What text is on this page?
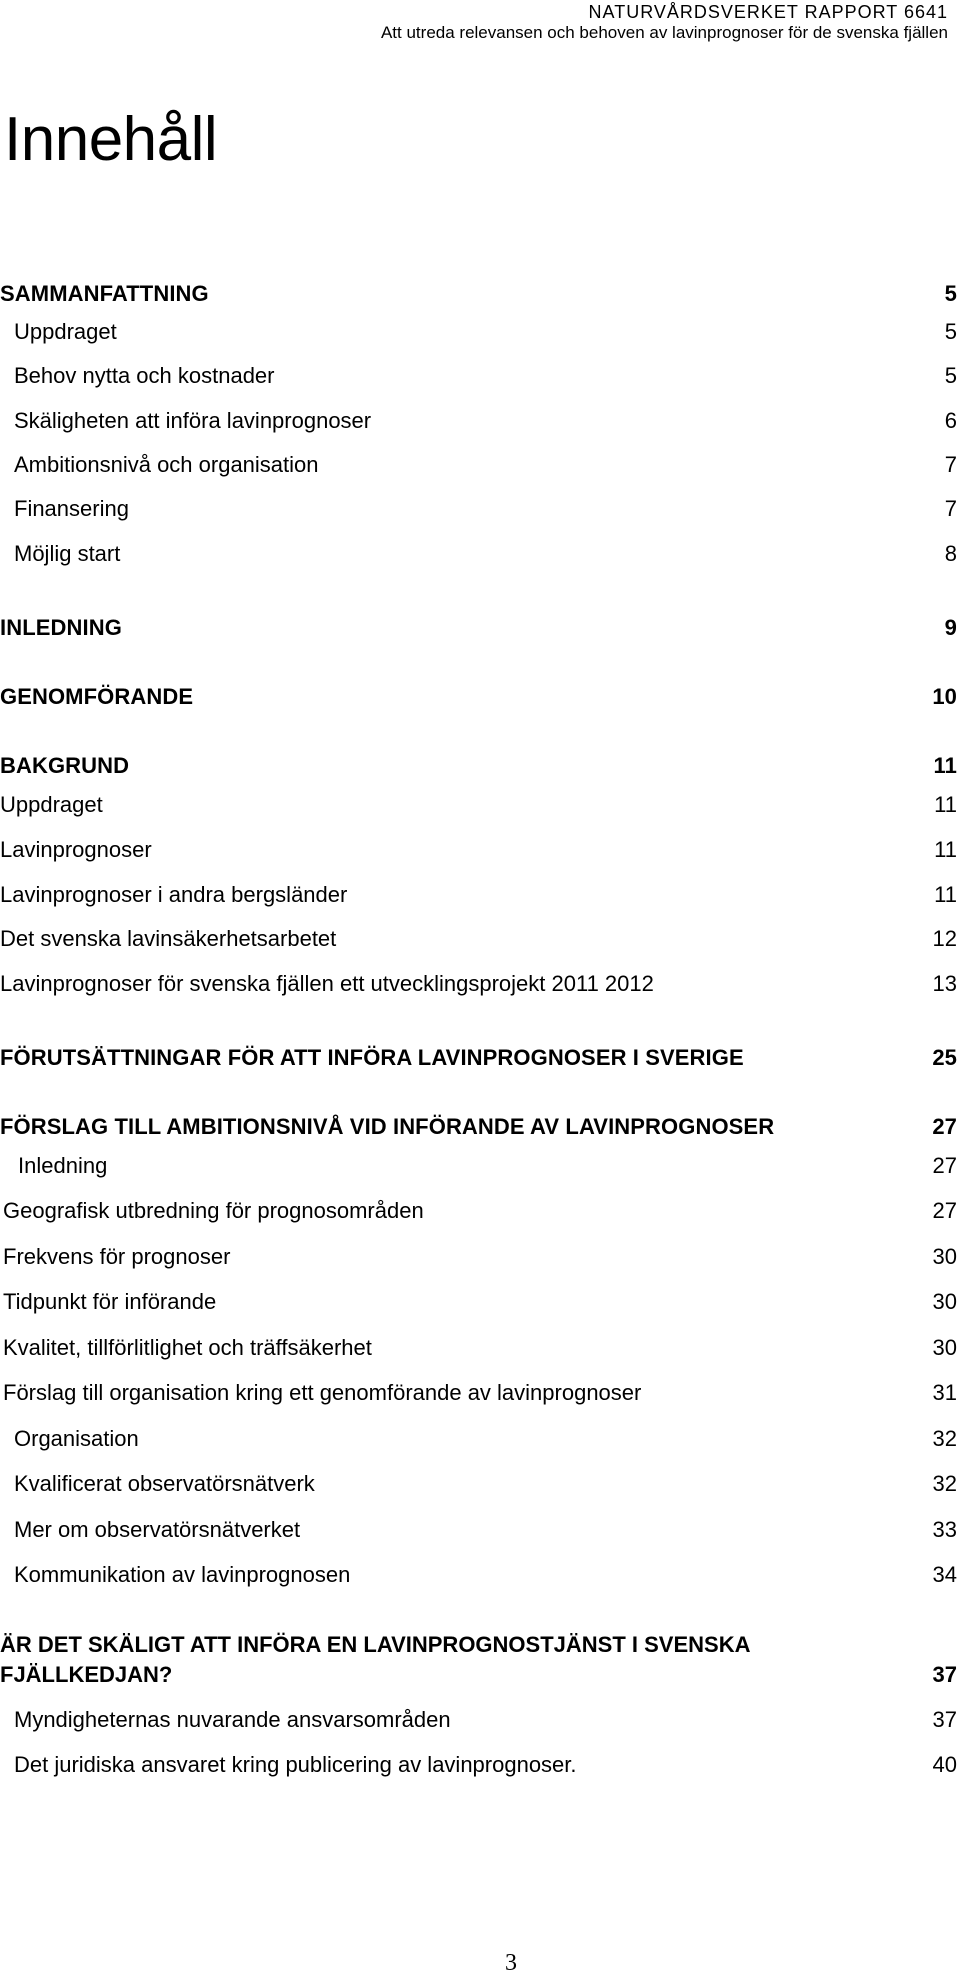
NATURVÅRDSVERKET RAPPORT 6641
Att utreda relevansen och behoven av lavinprognoser för de svenska fjällen
Innehåll
SAMMANFATTNING	5
Uppdraget	5
Behov nytta och kostnader	5
Skäligheten att införa lavinprognoser	6
Ambitionsnivå och organisation	7
Finansering	7
Möjlig start	8
INLEDNING	9
GENOMFÖRANDE	10
BAKGRUND	11
Uppdraget	11
Lavinprognoser	11
Lavinprognoser i andra bergsländer	11
Det svenska lavinsäkerhetsarbetet	12
Lavinprognoser för svenska fjällen ett utvecklingsprojekt 2011 2012	13
FÖRUTSÄTTNINGAR FÖR ATT INFÖRA LAVINPROGNOSER I SVERIGE	25
FÖRSLAG TILL AMBITIONSNIVÅ VID INFÖRANDE AV LAVINPROGNOSER	27
Inledning	27
Geografisk utbredning för prognosområden	27
Frekvens för prognoser	30
Tidpunkt för införande	30
Kvalitet, tillförlitlighet och träffsäkerhet	30
Förslag till organisation kring ett genomförande av lavinprognoser	31
Organisation	32
Kvalificerat observatörsnätverk	32
Mer om observatörsnätverket	33
Kommunikation av lavinprognosen	34
ÄR DET SKÄLIGT ATT INFÖRA EN LAVINPROGNOSTJÄNST I SVENSKA
FJÄLLKEDJAN?	37
Myndigheternas nuvarande ansvarsområden	37
Det juridiska ansvaret kring publicering av lavinprognoser.	40
3
